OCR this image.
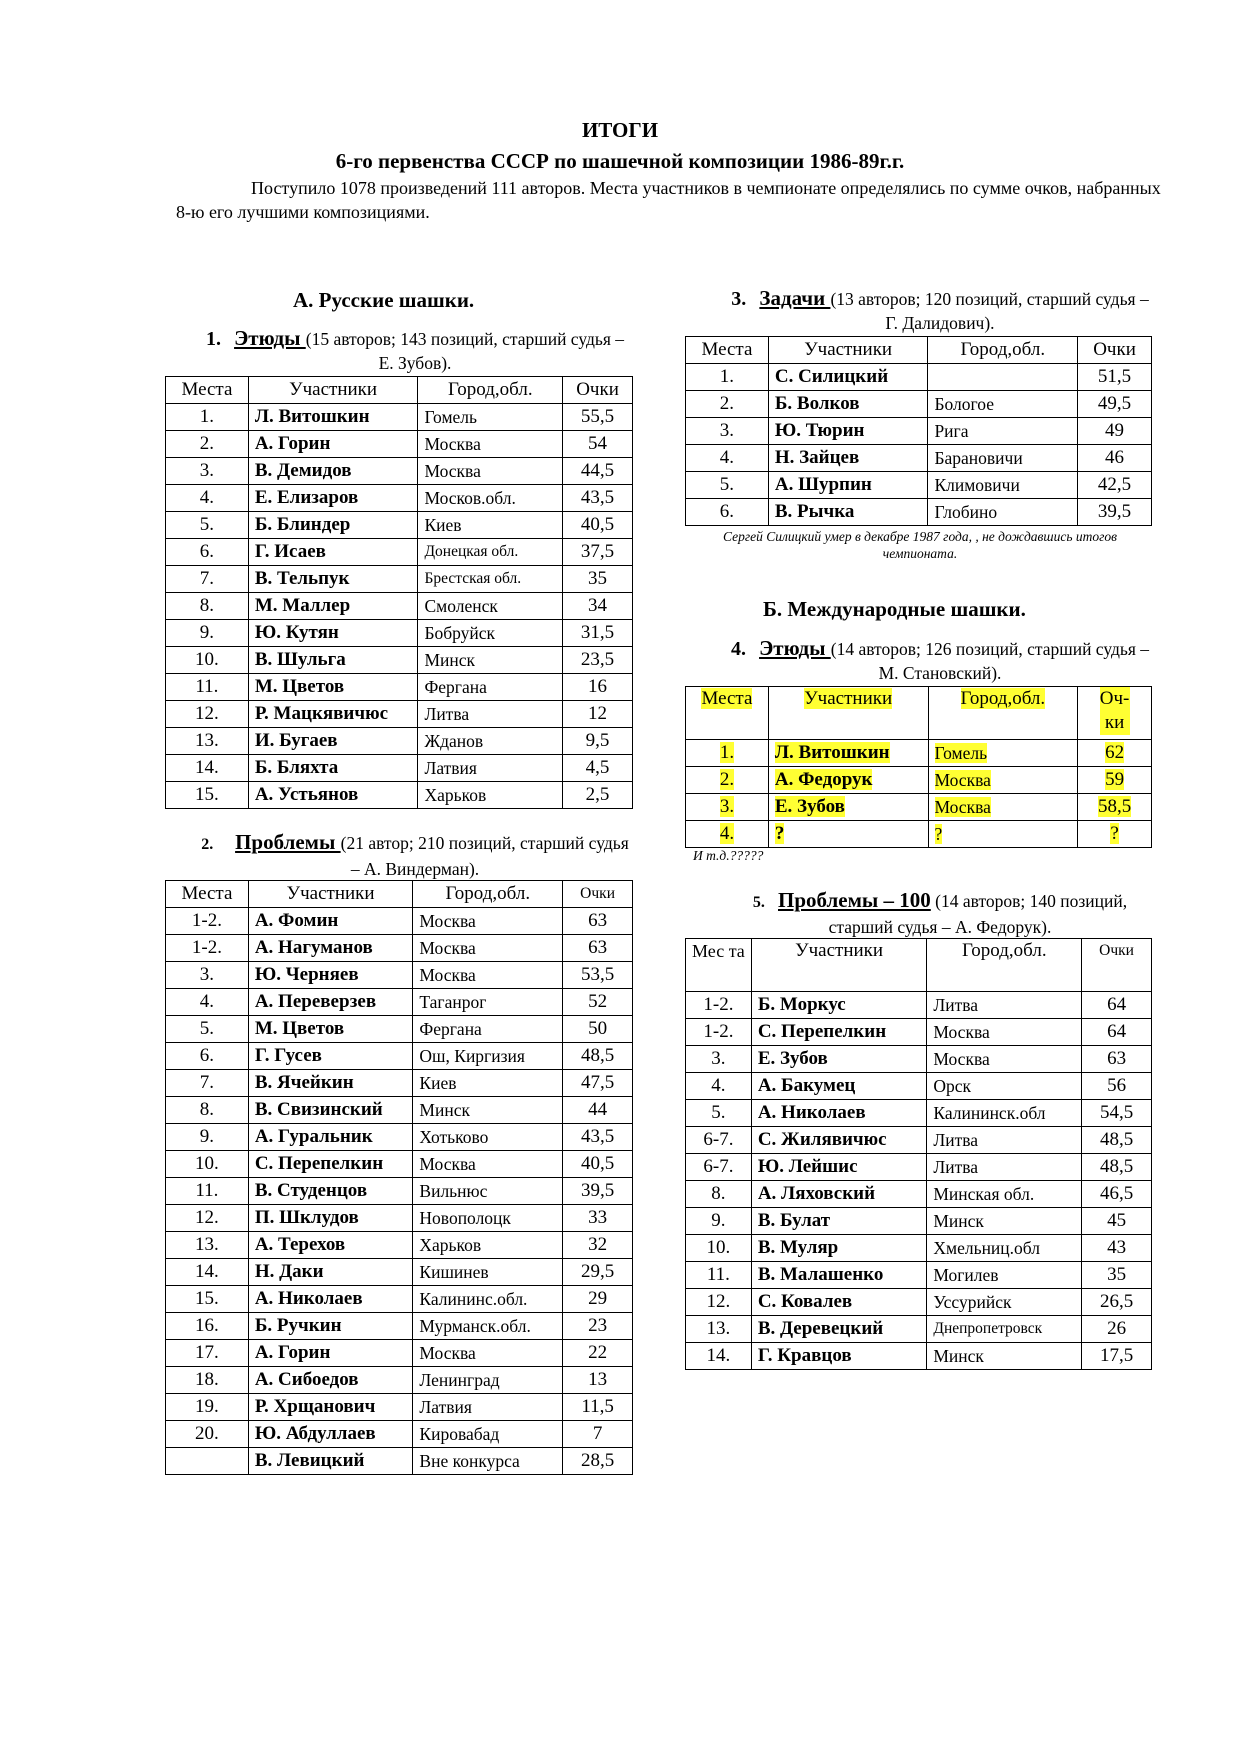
ИТОГИ
6-го первенства СССР по шашечной композиции 1986-89г.г.
Поступило 1078 произведений 111 авторов. Места участников в чемпионате определялись по сумме очков, набранных 8-ю его лучшими композициями.
А. Русские шашки.
1. Этюды (15 авторов; 143 позиций, старший судья – Е. Зубов).
Места	Участники	Город,обл.	Очки
1.	Л. Витошкин	Гомель	55,5
2.	А. Горин	Москва	54
3.	В. Демидов	Москва	44,5
4.	Е. Елизаров	Москов.обл.	43,5
5.	Б. Блиндер	Киев	40,5
6.	Г. Исаев	Донецкая обл.	37,5
7.	В. Тельпук	Брестская обл.	35
8.	М. Маллер	Смоленск	34
9.	Ю. Кутян	Бобруйск	31,5
10.	В. Шульга	Минск	23,5
11.	М. Цветов	Фергана	16
12.	Р. Мацкявичюс	Литва	12
13.	И. Бугаев	Жданов	9,5
14.	Б. Бляхта	Латвия	4,5
15.	А. Устьянов	Харьков	2,5
2. Проблемы (21 автор; 210 позиций, старший судья – А. Виндерман).
Места	Участники	Город,обл.	Очки
1-2.	А. Фомин	Москва	63
1-2.	А. Нагуманов	Москва	63
3.	Ю. Черняев	Москва	53,5
4.	А. Переверзев	Таганрог	52
5.	М. Цветов	Фергана	50
6.	Г. Гусев	Ош, Киргизия	48,5
7.	В. Ячейкин	Киев	47,5
8.	В. Свизинский	Минск	44
9.	А. Гуральник	Хотьково	43,5
10.	С. Перепелкин	Москва	40,5
11.	В. Студенцов	Вильнюс	39,5
12.	П. Шклудов	Новополоцк	33
13.	А. Терехов	Харьков	32
14.	Н. Даки	Кишинев	29,5
15.	А. Николаев	Калининс.обл.	29
16.	Б. Ручкин	Мурманск.обл.	23
17.	А. Горин	Москва	22
18.	А. Сибоедов	Ленинград	13
19.	Р. Хрщанович	Латвия	11,5
20.	Ю. Абдуллаев	Кировабад	7
	В. Левицкий	Вне конкурса	28,5
3. Задачи (13 авторов; 120 позиций, старший судья – Г. Далидович).
Места	Участники	Город,обл.	Очки
1.	С. Силицкий		51,5
2.	Б. Волков	Бологое	49,5
3.	Ю. Тюрин	Рига	49
4.	Н. Зайцев	Барановичи	46
5.	А. Шурпин	Климовичи	42,5
6.	В. Рычка	Глобино	39,5
Сергей Силицкий умер в декабре 1987 года, , не дождавшись итогов чемпионата.
Б. Международные шашки.
4. Этюды (14 авторов; 126 позиций, старший судья – М. Становский).
Места	Участники	Город,обл.	Оч-ки
1.	Л. Витошкин	Гомель	62
2.	А. Федорук	Москва	59
3.	Е. Зубов	Москва	58,5
4.	?	?	?
И т.д.?????
5. Проблемы – 100 (14 авторов; 140 позиций, старший судья – А. Федорук).
Мес та	Участники	Город,обл.	Очки
1-2.	Б. Моркус	Литва	64
1-2.	С. Перепелкин	Москва	64
3.	Е. Зубов	Москва	63
4.	А. Бакумец	Орск	56
5.	А. Николаев	Калининск.обл	54,5
6-7.	С. Жилявичюс	Литва	48,5
6-7.	Ю. Лейшис	Литва	48,5
8.	А. Ляховский	Минская обл.	46,5
9.	В. Булат	Минск	45
10.	В. Муляр	Хмельниц.обл	43
11.	В. Малашенко	Могилев	35
12.	С. Ковалев	Уссурийск	26,5
13.	В. Деревецкий	Днепропетровск	26
14.	Г. Кравцов	Минск	17,5
